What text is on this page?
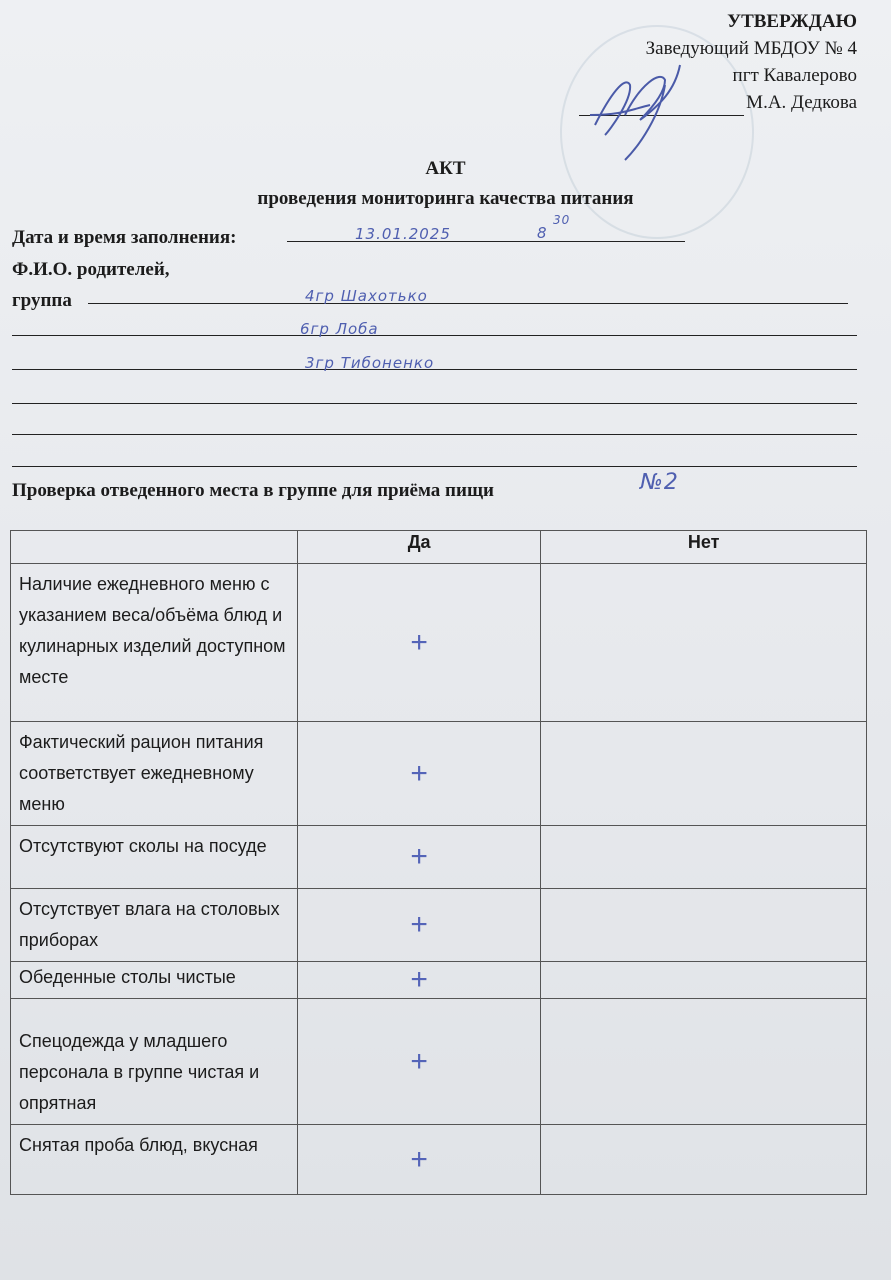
УТВЕРЖДАЮ
Заведующий МБДОУ № 4
пгт Кавалерово
М.А. Дедкова
АКТ
проведения мониторинга качества питания
Дата и время заполнения:	13.01.2025	8
30
Ф.И.О. родителей,
группа	4гр Шахотько
6гр Лоба
3гр Тибоненко
Проверка отведенного места в группе для приёма пищи	№2
	Да	Нет
Наличие ежедневного меню с указанием веса/объёма блюд и кулинарных изделий доступном месте	+	
Фактический рацион питания соответствует ежедневному меню	+	
Отсутствуют сколы на посуде	+	
Отсутствует влага на столовых приборах	+	
Обеденные столы чистые	+	
Спецодежда у младшего персонала в группе чистая и опрятная	+	
Снятая проба блюд, вкусная	+	
